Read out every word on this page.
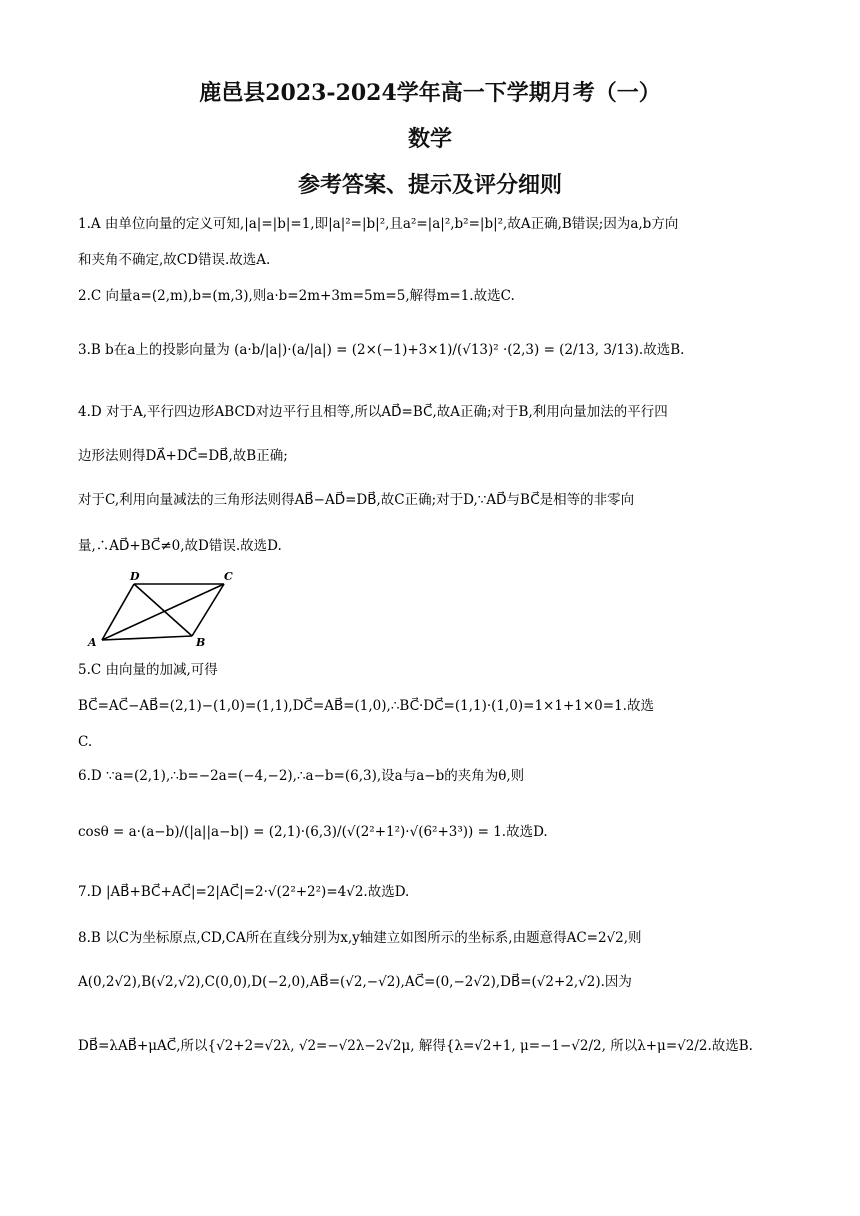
鹿邑县2023-2024学年高一下学期月考（一）
数学
参考答案、提示及评分细则
1.A 由单位向量的定义可知,|a|=|b|=1,即|a|²=|b|²,且a²=|a|²,b²=|b|²,故A正确,B错误;因为a,b方向
和夹角不确定,故CD错误.故选A.
2.C 向量a=(2,m),b=(m,3),则a·b=2m+3m=5m=5,解得m=1.故选C.
3.B b在a上的投影向量为 (a·b/|a|)·(a/|a|) = (2×(−1)+3×1)/(√13)² ·(2,3) = (2/13, 3/13).故选B.
4.D 对于A,平行四边形ABCD对边平行且相等,所以AD⃗=BC⃗,故A正确;对于B,利用向量加法的平行四
边形法则得DA⃗+DC⃗=DB⃗,故B正确;
对于C,利用向量减法的三角形法则得AB⃗−AD⃗=DB⃗,故C正确;对于D,∵AD⃗与BC⃗是相等的非零向
量,∴AD⃗+BC⃗≠0,故D错误.故选D.
D	C
A	B
5.C 由向量的加减,可得
BC⃗=AC⃗−AB⃗=(2,1)−(1,0)=(1,1),DC⃗=AB⃗=(1,0),∴BC⃗·DC⃗=(1,1)·(1,0)=1×1+1×0=1.故选
C.
6.D ∵a=(2,1),∴b=−2a=(−4,−2),∴a−b=(6,3),设a与a−b的夹角为θ,则
cosθ = a·(a−b)/(|a||a−b|) = (2,1)·(6,3)/(√(2²+1²)·√(6²+3³)) = 1.故选D.
7.D |AB⃗+BC⃗+AC⃗|=2|AC⃗|=2·√(2²+2²)=4√2.故选D.
8.B 以C为坐标原点,CD,CA所在直线分别为x,y轴建立如图所示的坐标系,由题意得AC=2√2,则
A(0,2√2),B(√2,√2),C(0,0),D(−2,0),AB⃗=(√2,−√2),AC⃗=(0,−2√2),DB⃗=(√2+2,√2).因为
DB⃗=λAB⃗+μAC⃗,所以{√2+2=√2λ, √2=−√2λ−2√2μ, 解得{λ=√2+1, μ=−1−√2/2, 所以λ+μ=√2/2.故选B.
